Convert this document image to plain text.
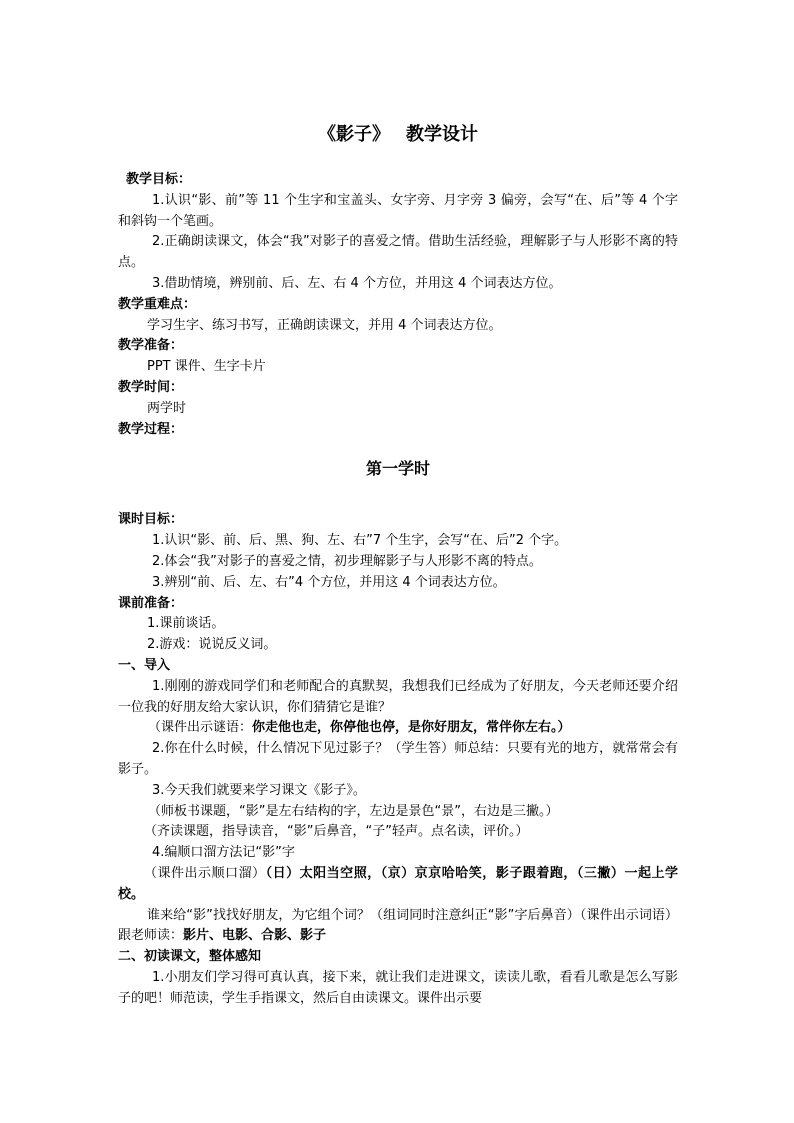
《影子》 教学设计
教学目标：

1.认识“影、前”等 11 个生字和宝盖头、女字旁、月字旁 3 偏旁，会写“在、后”等 4 个字和斜钩一个笔画。

2.正确朗读课文，体会“我”对影子的喜爱之情。借助生活经验，理解影子与人形影不离的特点。

3.借助情境，辨别前、后、左、右 4 个方位，并用这 4 个词表达方位。

教学重难点：

学习生字、练习书写，正确朗读课文，并用 4 个词表达方位。

教学准备：

PPT 课件、生字卡片

教学时间：

两学时

教学过程：
第一学时
课时目标：

1.认识“影、前、后、黑、狗、左、右”7 个生字，会写“在、后”2 个字。

2.体会“我”对影子的喜爱之情，初步理解影子与人形影不离的特点。

3.辨别“前、后、左、右”4 个方位，并用这 4 个词表达方位。

课前准备：

1.课前谈话。

2.游戏：说说反义词。

一、导入

1.刚刚的游戏同学们和老师配合的真默契，我想我们已经成为了好朋友，今天老师还要介绍一位我的好朋友给大家认识，你们猜猜它是谁？

（课件出示谜语：你走他也走，你停他也停，是你好朋友，常伴你左右。）

2.你在什么时候，什么情况下见过影子？（学生答）师总结：只要有光的地方，就常常会有影子。

3.今天我们就要来学习课文《影子》。

（师板书课题，“影”是左右结构的字，左边是景色“景”，右边是三撇。）

（齐读课题，指导读音，“影”后鼻音，“子”轻声。点名读，评价。）

4.编顺口溜方法记“影”字

（课件出示顺口溜）（日）太阳当空照，（京）京京哈哈笑，影子跟着跑，（三撇）一起上学校。

谁来给“影”找找好朋友，为它组个词？（组词同时注意纠正“影”字后鼻音）（课件出示词语）跟老师读：影片、电影、合影、影子

二、初读课文，整体感知

1.小朋友们学习得可真认真，接下来，就让我们走进课文，读读儿歌，看看儿歌是怎么写影子的吧！师范读，学生手指课文，然后自由读课文。课件出示要
